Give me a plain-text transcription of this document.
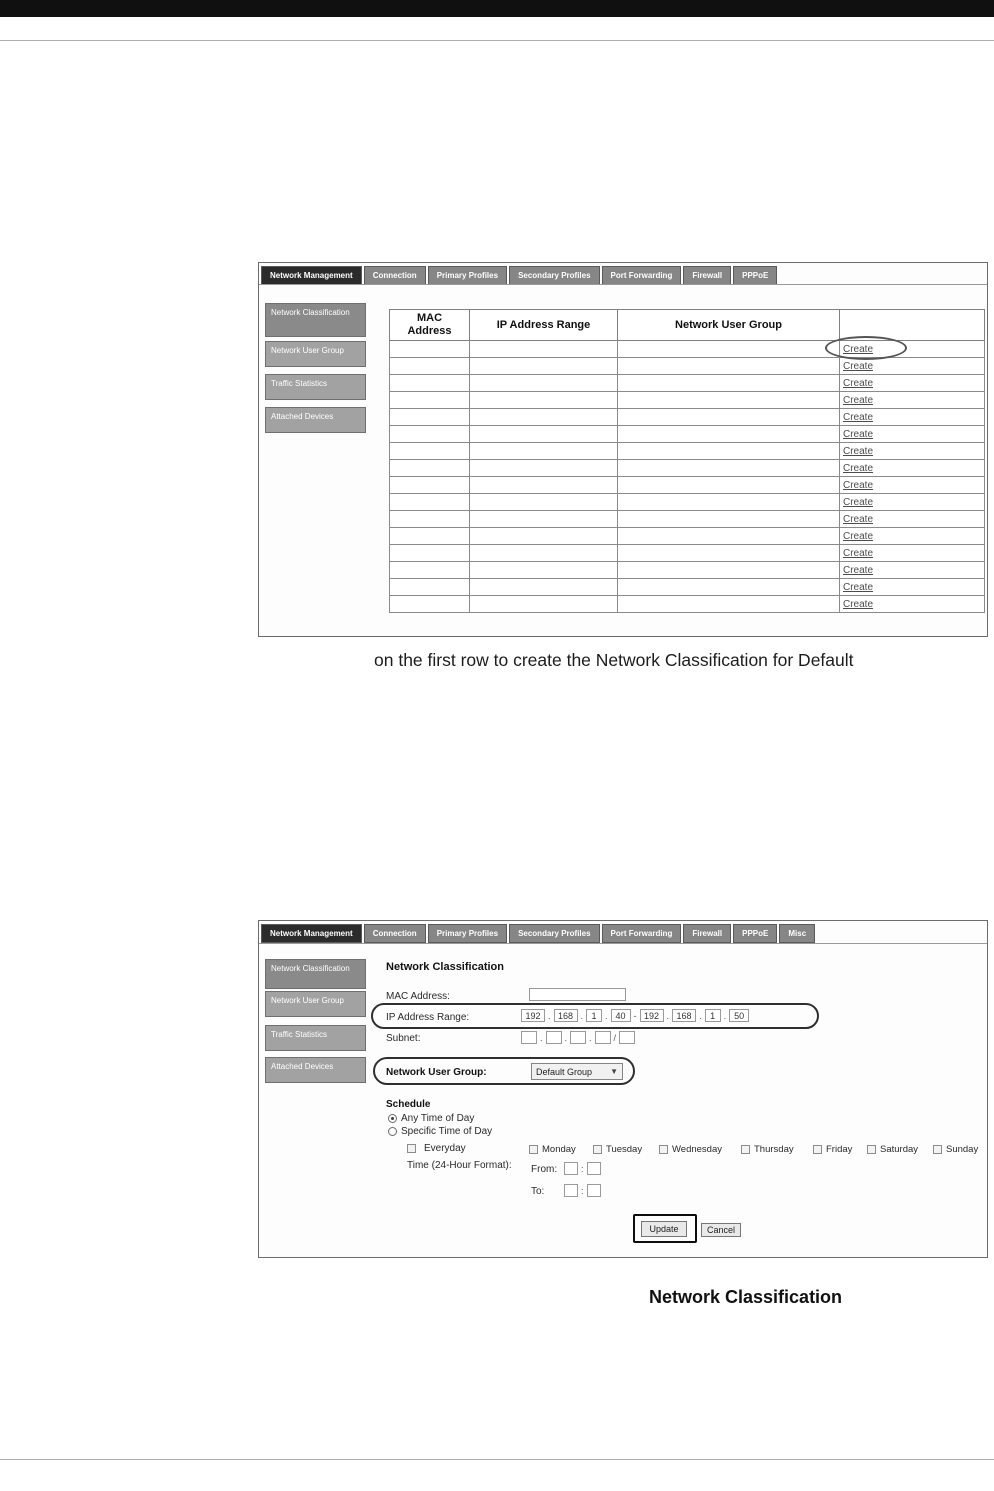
Network Management	Connection	Primary Profiles	Secondary Profiles	Port Forwarding	Firewall	PPPoE
Network Classification
Network User Group
Traffic Statistics
Attached Devices
MAC Address	IP Address Range	Network User Group	
			Create
			Create
			Create
			Create
			Create
			Create
			Create
			Create
			Create
			Create
			Create
			Create
			Create
			Create
			Create
			Create
on the first row to create the Network Classification for Default
Network Management	Connection	Primary Profiles	Secondary Profiles	Port Forwarding	Firewall	PPPoE	Misc
Network Classification
Network User Group
Traffic Statistics
Attached Devices
Network Classification
MAC Address:
IP Address Range:	192 . 168 . 1 . 40 - 192 . 168 . 1 . 50
Subnet:	. . . /
Network User Group:	Default Group ▼
Schedule
Any Time of Day
Specific Time of Day
Everyday	Monday	Tuesday	Wednesday	Thursday	Friday	Saturday	Sunday
Time (24-Hour Format): From:	:
To:	:
Update	Cancel
Network Classification
